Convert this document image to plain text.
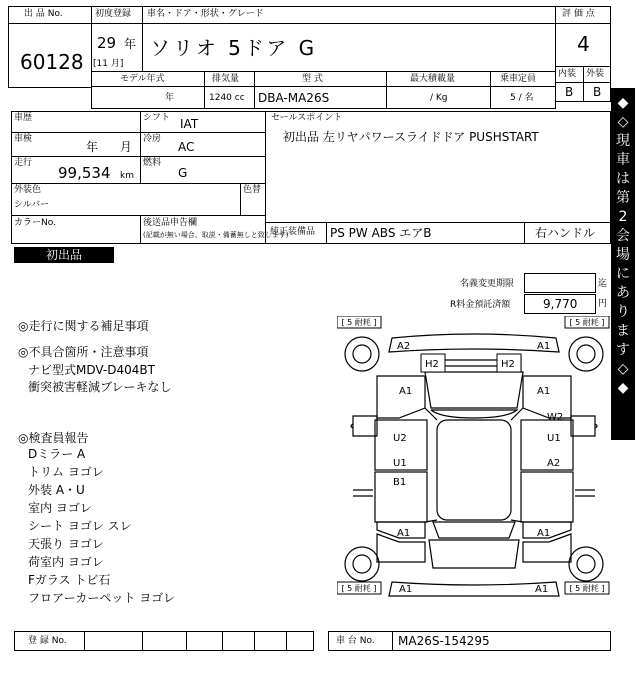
出 品 No.
60128
初度登録
29 年
[11 月]
車名・ドア・形状・グレード
ソリオ 5ドア G
評 価 点
4
内装 外装
B B
モデル年式
年
排気量
1240 cc
型 式
DBA-MA26S
最大積載量
/ Kg
乗車定員
5 / 名	◆◇現車は第2会場にあります◇◆
車歴	シフト IAT
車検
年 月
冷房
AC
走行
99,534 km
燃料
G
外装色
シルバー
色替
カラーNo.	後送品申告欄
(記載が無い場合、取説・備蓄無しと致します)
セールスポイント
初出品 左リヤパワースライドドア PUSHSTART
純正装備品 PS PW ABS エアB	右ハンドル
初出品
名義変更期限	迄
R料金預託済額	9,770 円
◎走行に関する補足事項
◎不具合箇所・注意事項
ナビ型式MDV-D404BT
衝突被害軽減ブレーキなし
◎検査員報告
Dミラー A
トリム ヨゴレ
外装 A・U
室内 ヨゴレ
シート ヨゴレ スレ
天張り ヨゴレ
荷室内 ヨゴレ
Fガラス トビ石
フロアーカーペット ヨゴレ
[ 5 耐耗 ]	[ 5 耐耗 ]
[ 5 耐耗 ]	[ 5 耐耗 ]
A2	A1
H2	H2
A1	A1
W2
U2	U1
U1	A2
B1
A1	A1
A1	A1
登 録 No.	車 台 No. MA26S-154295
